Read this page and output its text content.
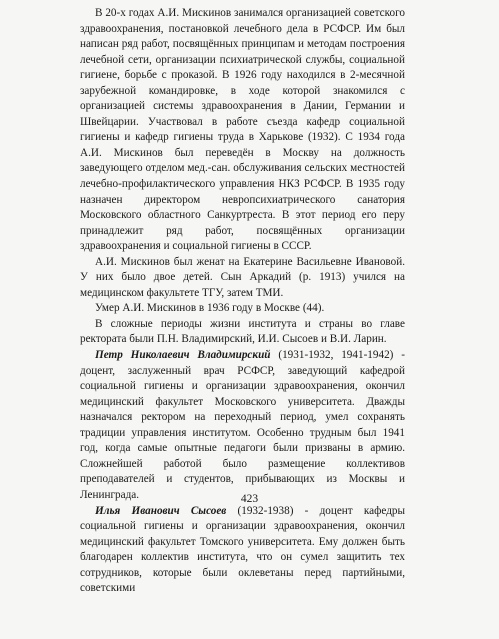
В 20-х годах А.И. Мискинов занимался организацией советского здравоохранения, постановкой лечебного дела в РСФСР. Им был написан ряд работ, посвящённых принципам и методам построения лечебной сети, организации психиатрической службы, социальной гигиене, борьбе с проказой. В 1926 году находился в 2-месячной зарубежной командировке, в ходе которой знакомился с организацией системы здравоохранения в Дании, Германии и Швейцарии. Участвовал в работе съезда кафедр социальной гигиены и кафедр гигиены труда в Харькове (1932). С 1934 года А.И. Мискинов был переведён в Москву на должность заведующего отделом мед.-сан. обслуживания сельских местностей лечебно-профилактического управления НКЗ РСФСР. В 1935 году назначен директором невропсихиатрического санатория Московского областного Санкуртреста. В этот период его перу принадлежит ряд работ, посвящённых организации здравоохранения и социальной гигиены в СССР.

А.И. Мискинов был женат на Екатерине Васильевне Ивановой. У них было двое детей. Сын Аркадий (р. 1913) учился на медицинском факультете ТГУ, затем ТМИ.

Умер А.И. Мискинов в 1936 году в Москве (44).

В сложные периоды жизни института и страны во главе ректората были П.Н. Владимирский, И.И. Сысоев и В.И. Ларин.

Петр Николаевич Владимирский (1931-1932, 1941-1942) - доцент, заслуженный врач РСФСР, заведующий кафедрой социальной гигиены и организации здравоохранения, окончил медицинский факультет Московского университета. Дважды назначался ректором на переходный период, умел сохранять традиции управления институтом. Особенно трудным был 1941 год, когда самые опытные педагоги были призваны в армию. Сложнейшей работой было размещение коллективов преподавателей и студентов, прибывающих из Москвы и Ленинграда.

Илья Иванович Сысоев (1932-1938) - доцент кафедры социальной гигиены и организации здравоохранения, окончил медицинский факультет Томского университета. Ему должен быть благодарен коллектив института, что он сумел защитить тех сотрудников, которые были оклеветаны перед партийными, советскими

423
